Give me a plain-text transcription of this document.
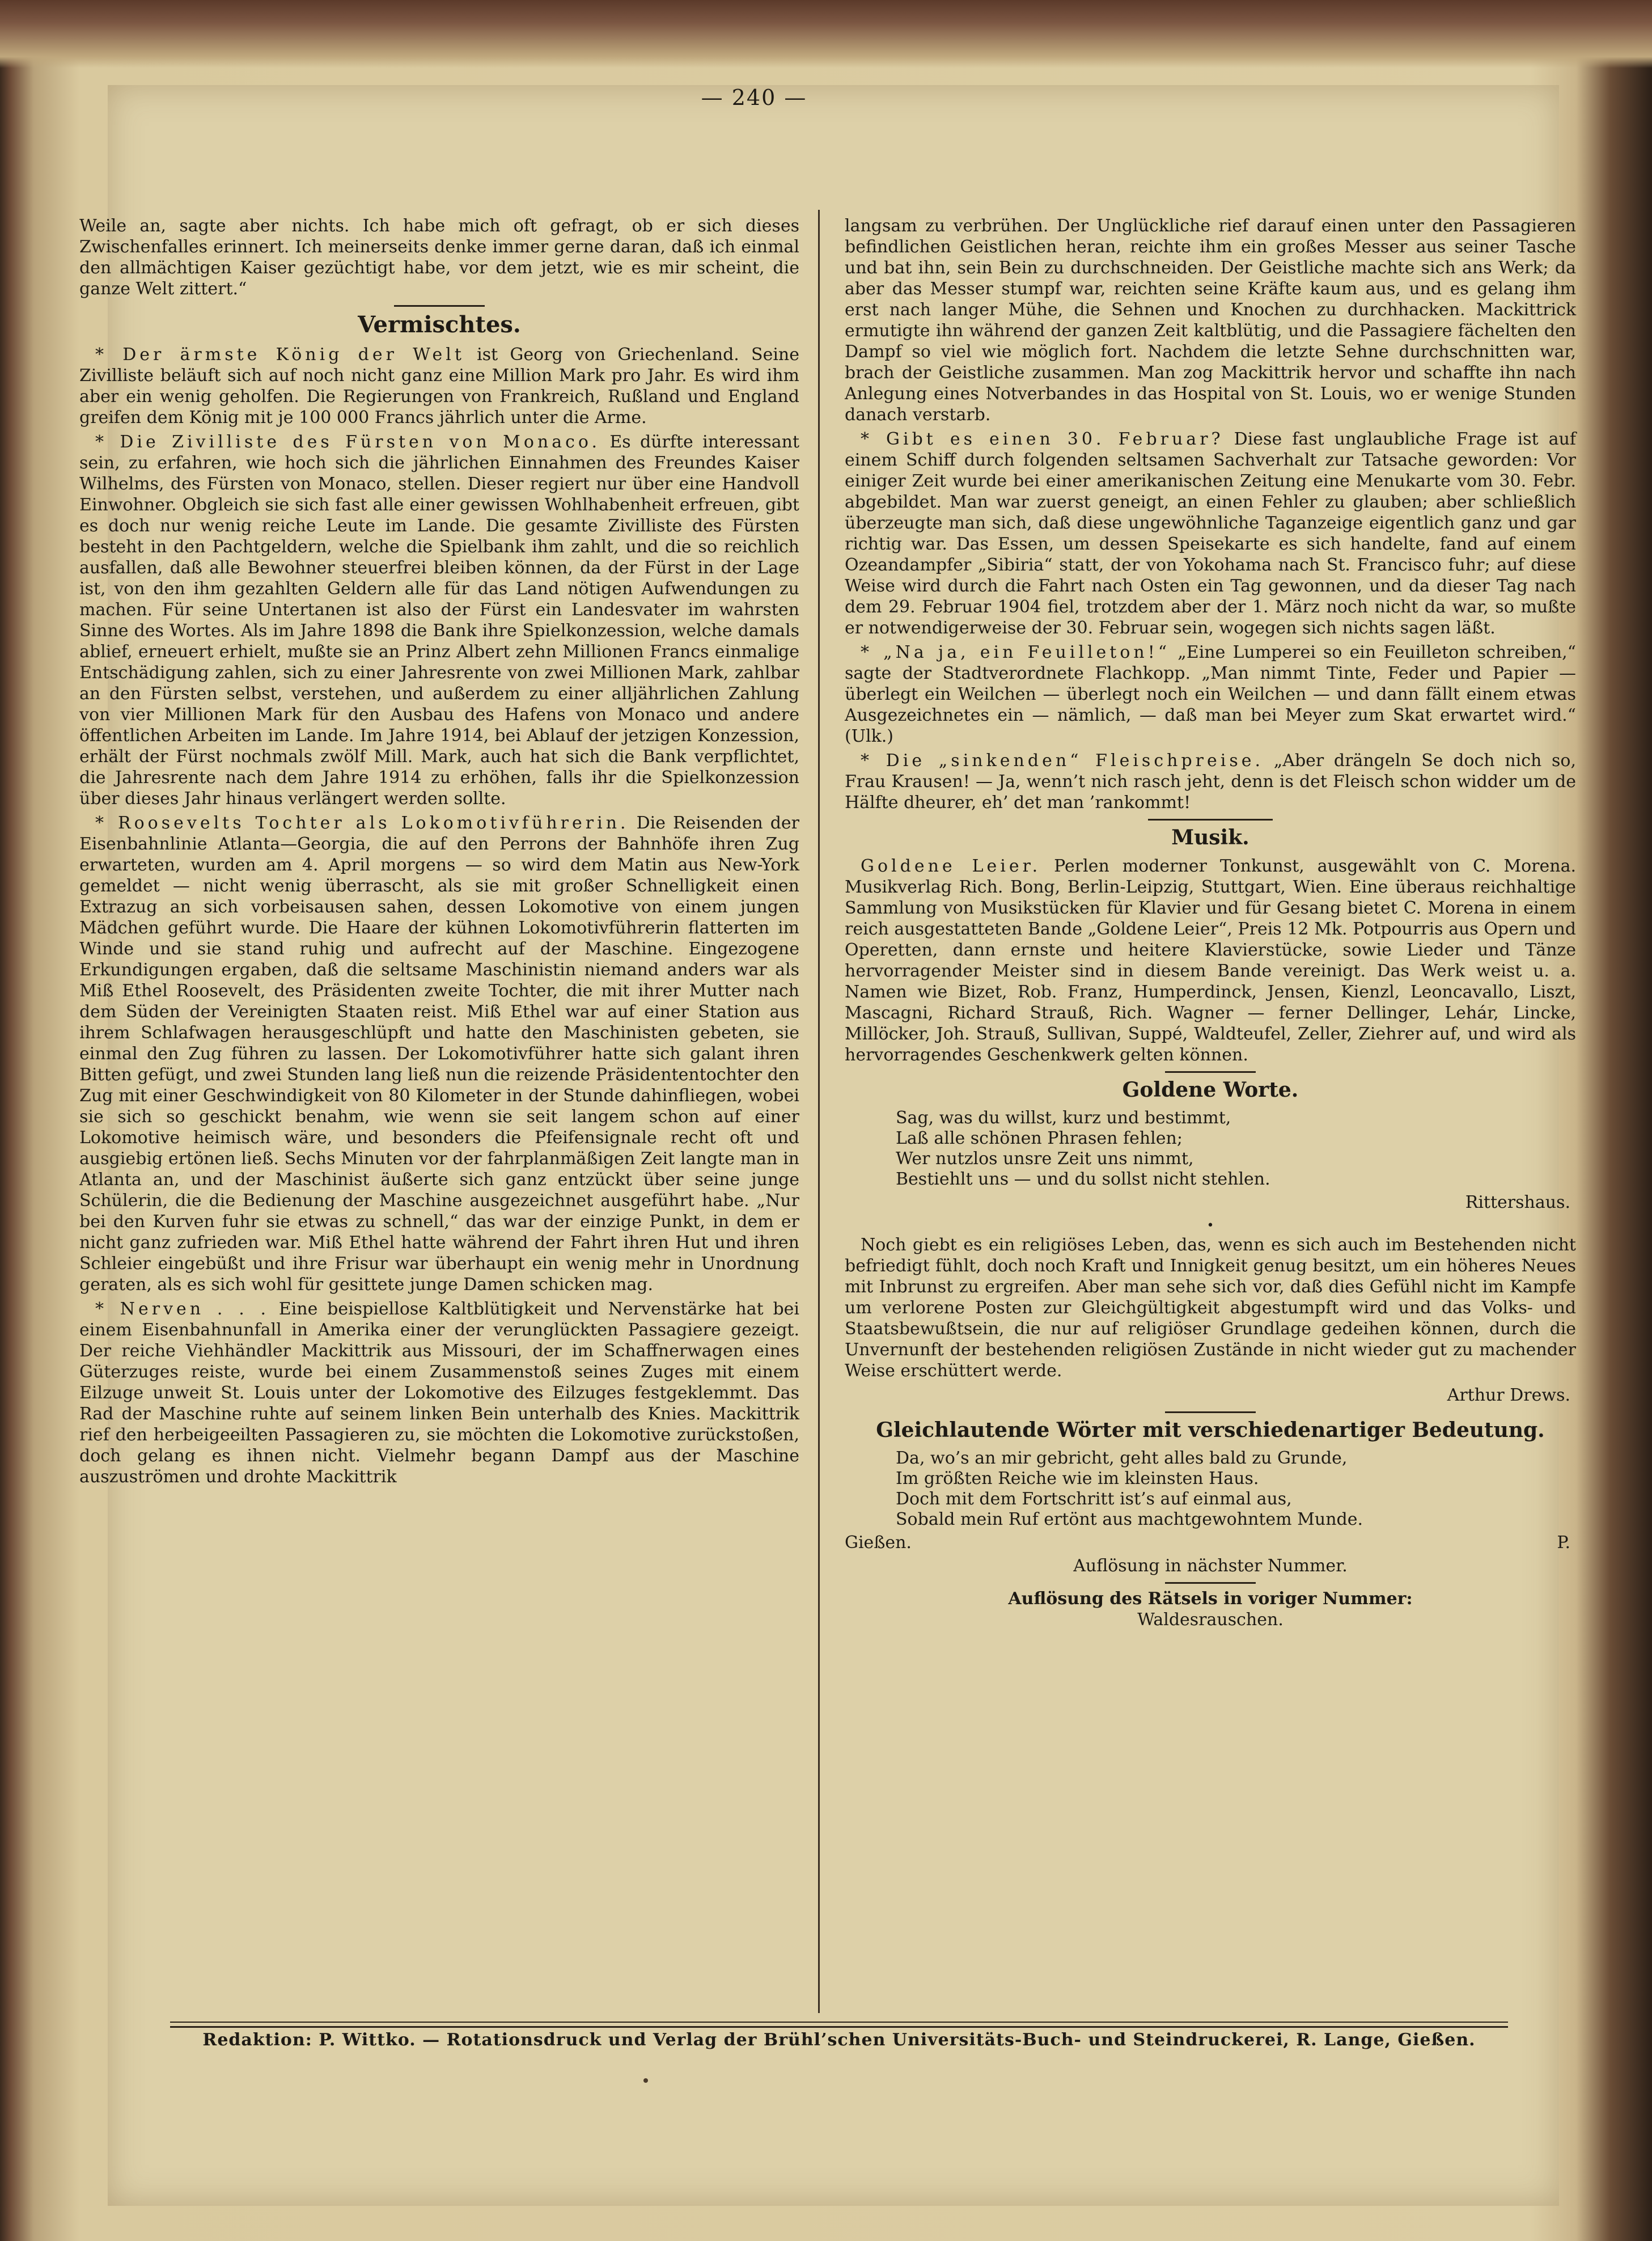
— 240 —

Weile an, sagte aber nichts. Ich habe mich oft gefragt, ob er sich dieses Zwischenfalles erinnert. Ich meinerseits denke immer gerne daran, daß ich einmal den allmächtigen Kaiser gezüchtigt habe, vor dem jetzt, wie es mir scheint, die ganze Welt zittert.“

Vermischtes.

* Der ärmste König der Welt ist Georg von Griechenland. Seine Zivilliste beläuft sich auf noch nicht ganz eine Million Mark pro Jahr. Es wird ihm aber ein wenig geholfen. Die Regierungen von Frankreich, Rußland und England greifen dem König mit je 100 000 Francs jährlich unter die Arme.

* Die Zivilliste des Fürsten von Monaco. Es dürfte interessant sein, zu erfahren, wie hoch sich die jährlichen Einnahmen des Freundes Kaiser Wilhelms, des Fürsten von Monaco, stellen. Dieser regiert nur über eine Handvoll Einwohner. Obgleich sie sich fast alle einer gewissen Wohlhabenheit erfreuen, gibt es doch nur wenig reiche Leute im Lande. Die gesamte Zivilliste des Fürsten besteht in den Pachtgeldern, welche die Spielbank ihm zahlt, und die so reichlich ausfallen, daß alle Bewohner steuerfrei bleiben können, da der Fürst in der Lage ist, von den ihm gezahlten Geldern alle für das Land nötigen Aufwendungen zu machen. Für seine Untertanen ist also der Fürst ein Landesvater im wahrsten Sinne des Wortes. Als im Jahre 1898 die Bank ihre Spielkonzession, welche damals ablief, erneuert erhielt, mußte sie an Prinz Albert zehn Millionen Francs einmalige Entschädigung zahlen, sich zu einer Jahresrente von zwei Millionen Mark, zahlbar an den Fürsten selbst, verstehen, und außerdem zu einer alljährlichen Zahlung von vier Millionen Mark für den Ausbau des Hafens von Monaco und andere öffentlichen Arbeiten im Lande. Im Jahre 1914, bei Ablauf der jetzigen Konzession, erhält der Fürst nochmals zwölf Mill. Mark, auch hat sich die Bank verpflichtet, die Jahresrente nach dem Jahre 1914 zu erhöhen, falls ihr die Spielkonzession über dieses Jahr hinaus verlängert werden sollte.

* Roosevelts Tochter als Lokomotivführerin. Die Reisenden der Eisenbahnlinie Atlanta—Georgia, die auf den Perrons der Bahnhöfe ihren Zug erwarteten, wurden am 4. April morgens — so wird dem Matin aus New-York gemeldet — nicht wenig überrascht, als sie mit großer Schnelligkeit einen Extrazug an sich vorbeisausen sahen, dessen Lokomotive von einem jungen Mädchen geführt wurde. Die Haare der kühnen Lokomotivführerin flatterten im Winde und sie stand ruhig und aufrecht auf der Maschine. Eingezogene Erkundigungen ergaben, daß die seltsame Maschinistin niemand anders war als Miß Ethel Roosevelt, des Präsidenten zweite Tochter, die mit ihrer Mutter nach dem Süden der Vereinigten Staaten reist. Miß Ethel war auf einer Station aus ihrem Schlafwagen herausgeschlüpft und hatte den Maschinisten gebeten, sie einmal den Zug führen zu lassen. Der Lokomotivführer hatte sich galant ihren Bitten gefügt, und zwei Stunden lang ließ nun die reizende Präsidententochter den Zug mit einer Geschwindigkeit von 80 Kilometer in der Stunde dahinfliegen, wobei sie sich so geschickt benahm, wie wenn sie seit langem schon auf einer Lokomotive heimisch wäre, und besonders die Pfeifensignale recht oft und ausgiebig ertönen ließ. Sechs Minuten vor der fahrplanmäßigen Zeit langte man in Atlanta an, und der Maschinist äußerte sich ganz entzückt über seine junge Schülerin, die die Bedienung der Maschine ausgezeichnet ausgeführt habe. „Nur bei den Kurven fuhr sie etwas zu schnell,“ das war der einzige Punkt, in dem er nicht ganz zufrieden war. Miß Ethel hatte während der Fahrt ihren Hut und ihren Schleier eingebüßt und ihre Frisur war überhaupt ein wenig mehr in Unordnung geraten, als es sich wohl für gesittete junge Damen schicken mag.

* Nerven . . . Eine beispiellose Kaltblütigkeit und Nervenstärke hat bei einem Eisenbahnunfall in Amerika einer der verunglückten Passagiere gezeigt. Der reiche Viehhändler Mackittrik aus Missouri, der im Schaffnerwagen eines Güterzuges reiste, wurde bei einem Zusammenstoß seines Zuges mit einem Eilzuge unweit St. Louis unter der Lokomotive des Eilzuges festgeklemmt. Das Rad der Maschine ruhte auf seinem linken Bein unterhalb des Knies. Mackittrik rief den herbeigeeilten Passagieren zu, sie möchten die Lokomotive zurückstoßen, doch gelang es ihnen nicht. Vielmehr begann Dampf aus der Maschine auszuströmen und drohte Mackittrik

langsam zu verbrühen. Der Unglückliche rief darauf einen unter den Passagieren befindlichen Geistlichen heran, reichte ihm ein großes Messer aus seiner Tasche und bat ihn, sein Bein zu durchschneiden. Der Geistliche machte sich ans Werk; da aber das Messer stumpf war, reichten seine Kräfte kaum aus, und es gelang ihm erst nach langer Mühe, die Sehnen und Knochen zu durchhacken. Mackittrick ermutigte ihn während der ganzen Zeit kaltblütig, und die Passagiere fächelten den Dampf so viel wie möglich fort. Nachdem die letzte Sehne durchschnitten war, brach der Geistliche zusammen. Man zog Mackittrik hervor und schaffte ihn nach Anlegung eines Notverbandes in das Hospital von St. Louis, wo er wenige Stunden danach verstarb.

* Gibt es einen 30. Februar? Diese fast unglaubliche Frage ist auf einem Schiff durch folgenden seltsamen Sachverhalt zur Tatsache geworden: Vor einiger Zeit wurde bei einer amerikanischen Zeitung eine Menukarte vom 30. Febr. abgebildet. Man war zuerst geneigt, an einen Fehler zu glauben; aber schließlich überzeugte man sich, daß diese ungewöhnliche Taganzeige eigentlich ganz und gar richtig war. Das Essen, um dessen Speisekarte es sich handelte, fand auf einem Ozeandampfer „Sibiria“ statt, der von Yokohama nach St. Francisco fuhr; auf diese Weise wird durch die Fahrt nach Osten ein Tag gewonnen, und da dieser Tag nach dem 29. Februar 1904 fiel, trotzdem aber der 1. März noch nicht da war, so mußte er notwendigerweise der 30. Februar sein, wogegen sich nichts sagen läßt.

* „Na ja, ein Feuilleton!“ „Eine Lumperei so ein Feuilleton schreiben,“ sagte der Stadtverordnete Flachkopp. „Man nimmt Tinte, Feder und Papier — überlegt ein Weilchen — überlegt noch ein Weilchen — und dann fällt einem etwas Ausgezeichnetes ein — nämlich, — daß man bei Meyer zum Skat erwartet wird.“ (Ulk.)

* Die „sinkenden“ Fleischpreise. „Aber drängeln Se doch nich so, Frau Krausen! — Ja, wenn’t nich rasch jeht, denn is det Fleisch schon widder um de Hälfte dheurer, eh’ det man ’rankommt!

Musik.

Goldene Leier. Perlen moderner Tonkunst, ausgewählt von C. Morena. Musikverlag Rich. Bong, Berlin-Leipzig, Stuttgart, Wien. Eine überaus reichhaltige Sammlung von Musikstücken für Klavier und für Gesang bietet C. Morena in einem reich ausgestatteten Bande „Goldene Leier“, Preis 12 Mk. Potpourris aus Opern und Operetten, dann ernste und heitere Klavierstücke, sowie Lieder und Tänze hervorragender Meister sind in diesem Bande vereinigt. Das Werk weist u. a. Namen wie Bizet, Rob. Franz, Humperdinck, Jensen, Kienzl, Leoncavallo, Liszt, Mascagni, Richard Strauß, Rich. Wagner — ferner Dellinger, Lehár, Lincke, Millöcker, Joh. Strauß, Sullivan, Suppé, Waldteufel, Zeller, Ziehrer auf, und wird als hervorragendes Geschenkwerk gelten können.

Goldene Worte.
Sag, was du willst, kurz und bestimmt,
Laß alle schönen Phrasen fehlen;
Wer nutzlos unsre Zeit uns nimmt,
Bestiehlt uns — und du sollst nicht stehlen.
Rittershaus.
•

Noch giebt es ein religiöses Leben, das, wenn es sich auch im Bestehenden nicht befriedigt fühlt, doch noch Kraft und Innigkeit genug besitzt, um ein höheres Neues mit Inbrunst zu ergreifen. Aber man sehe sich vor, daß dies Gefühl nicht im Kampfe um verlorene Posten zur Gleichgültigkeit abgestumpft wird und das Volks- und Staatsbewußtsein, die nur auf religiöser Grundlage gedeihen können, durch die Unvernunft der bestehenden religiösen Zustände in nicht wieder gut zu machender Weise erschüttert werde.

Arthur Drews.
Gleichlautende Wörter mit verschiedenartiger Bedeutung.
Da, wo’s an mir gebricht, geht alles bald zu Grunde,
Im größten Reiche wie im kleinsten Haus.
Doch mit dem Fortschritt ist’s auf einmal aus,
Sobald mein Ruf ertönt aus machtgewohntem Munde.
Gießen.	P.
Auflösung in nächster Nummer.
Auflösung des Rätsels in voriger Nummer:
Waldesrauschen.
Redaktion: P. Wittko. — Rotationsdruck und Verlag der Brühl’schen Universitäts-Buch- und Steindruckerei, R. Lange, Gießen.
